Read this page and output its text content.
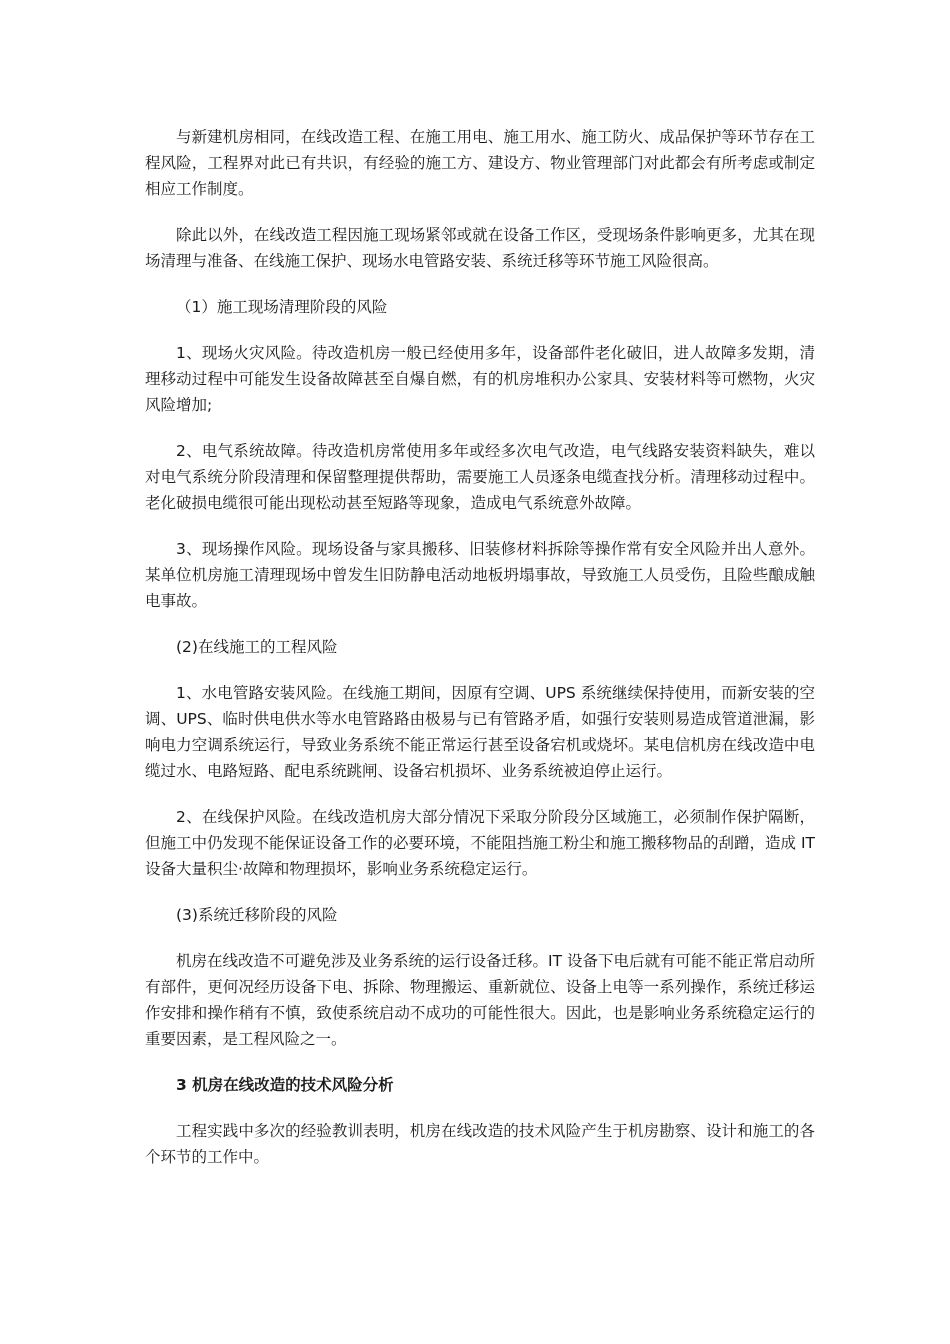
与新建机房相同，在线改造工程、在施工用电、施工用水、施工防火、成品保护等环节存在工程风险，工程界对此已有共识，有经验的施工方、建设方、物业管理部门对此都会有所考虑或制定相应工作制度。

除此以外，在线改造工程因施工现场紧邻或就在设备工作区，受现场条件影响更多，尤其在现场清理与准备、在线施工保护、现场水电管路安装、系统迁移等环节施工风险很高。

（1）施工现场清理阶段的风险

1、现场火灾风险。待改造机房一般已经使用多年，设备部件老化破旧，进人故障多发期，清理移动过程中可能发生设备故障甚至自爆自燃，有的机房堆积办公家具、安装材料等可燃物，火灾风险增加;

2、电气系统故障。待改造机房常使用多年或经多次电气改造，电气线路安装资料缺失，难以对电气系统分阶段清理和保留整理提供帮助，需要施工人员逐条电缆查找分析。清理移动过程中。老化破损电缆很可能出现松动甚至短路等现象，造成电气系统意外故障。

3、现场操作风险。现场设备与家具搬移、旧装修材料拆除等操作常有安全风险并出人意外。某单位机房施工清理现场中曾发生旧防静电活动地板坍塌事故，导致施工人员受伤，且险些酿成触电事故。

(2)在线施工的工程风险

1、水电管路安装风险。在线施工期间，因原有空调、UPS 系统继续保持使用，而新安装的空调、UPS、临时供电供水等水电管路路由极易与已有管路矛盾，如强行安装则易造成管道泄漏，影响电力空调系统运行，导致业务系统不能正常运行甚至设备宕机或烧坏。某电信机房在线改造中电缆过水、电路短路、配电系统跳闸、设备宕机损坏、业务系统被迫停止运行。

2、在线保护风险。在线改造机房大部分情况下采取分阶段分区域施工，必须制作保护隔断，但施工中仍发现不能保证设备工作的必要环境，不能阻挡施工粉尘和施工搬移物品的刮蹭，造成 IT 设备大量积尘·故障和物理损坏，影响业务系统稳定运行。

(3)系统迁移阶段的风险

机房在线改造不可避免涉及业务系统的运行设备迁移。IT 设备下电后就有可能不能正常启动所有部件，更何况经历设备下电、拆除、物理搬运、重新就位、设备上电等一系列操作，系统迁移运作安排和操作稍有不慎，致使系统启动不成功的可能性很大。因此，也是影响业务系统稳定运行的重要因素，是工程风险之一。

3 机房在线改造的技术风险分析

工程实践中多次的经验教训表明，机房在线改造的技术风险产生于机房勘察、设计和施工的各个环节的工作中。
